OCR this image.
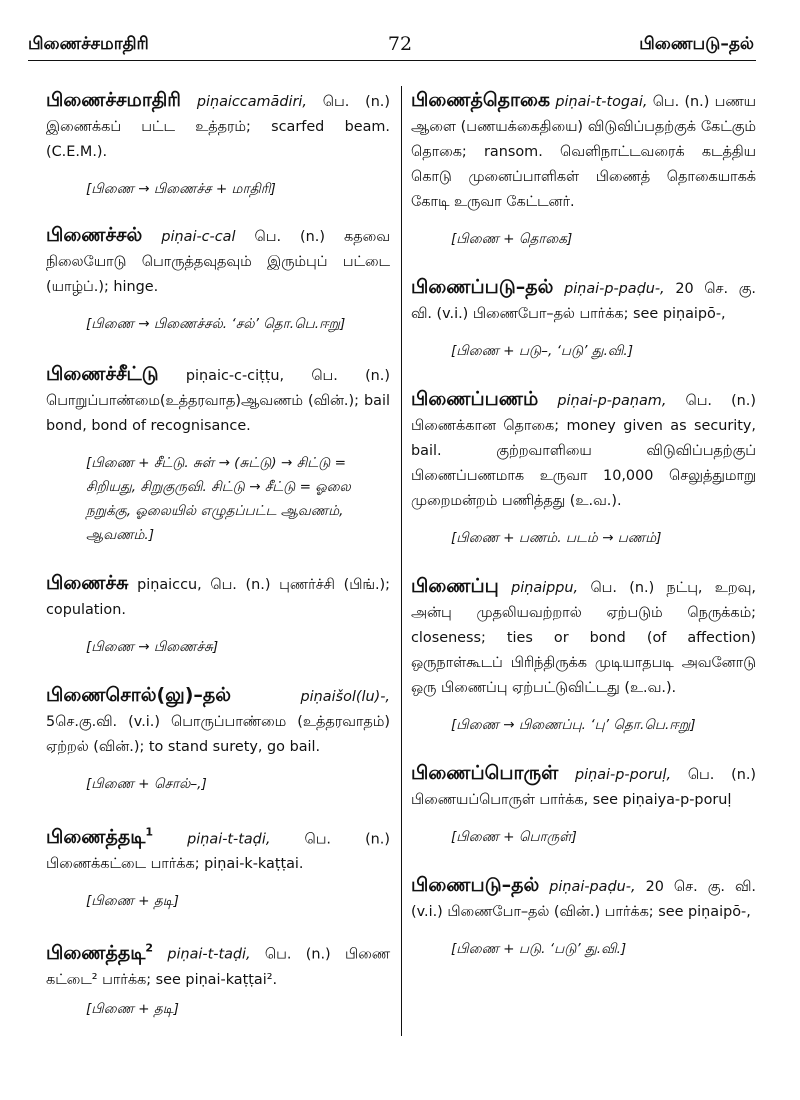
பிணைச்சமாதிரி	72	பிணைபடு–தல்
பிணைச்சமாதிரி piṇaiccamādiri, பெ. (n.) இணைக்கப் பட்ட உத்தரம்; scarfed beam. (C.E.M.).
[பிணை → பிணைச்ச + மாதிரி]
பிணைச்சல் piṇai-c-cal பெ. (n.) கதவை நிலையோடு பொருத்தவுதவும் இரும்புப் பட்டை (யாழ்ப்.); hinge.
[பிணை → பிணைச்சல். ‘சல்’ தொ.பெ.ஈறு]
பிணைச்சீட்டு piṇaic-c-ciṭṭu, பெ. (n.) பொறுப்பாண்மை(உத்தரவாத)ஆவணம் (வின்.); bail bond, bond of recognisance.
[பிணை + சீட்டு. சுள் → (சுட்டு) → சிட்டு = சிறியது, சிறுகுருவி. சிட்டு → சீட்டு = ஓலை நறுக்கு, ஓலையில் எழுதப்பட்ட ஆவணம், ஆவணம்.]
பிணைச்சு piṇaiccu, பெ. (n.) புணர்ச்சி (பிங்.); copulation.
[பிணை → பிணைச்சு]
பிணைசொல்(லு)–தல்	piṇaišol(lu)-, 5செ.கு.வி. (v.i.) பொருப்பாண்மை (உத்தரவாதம்) ஏற்றல் (வின்.); to stand surety, go bail.
[பிணை + சொல்–,]
பிணைத்தடி$^1$ piṇai-t-taḍi, பெ. (n.) பிணைக்கட்டை பார்க்க; piṇai-k-kaṭṭai.
[பிணை + தடி]
பிணைத்தடி$^2$ piṇai-t-taḍi, பெ. (n.) பிணை கட்டை² பார்க்க; see piṇai-kaṭṭai².
[பிணை + தடி]
பிணைத்தொகை piṇai-t-togai, பெ. (n.) பணய ஆளை (பணயக்கைதியை) விடுவிப்பதற்குக் கேட்கும் தொகை; ransom. வெளிநாட்டவரைக் கடத்திய கொடு முனைப்பாளிகள் பிணைத் தொகையாகக் கோடி உருவா கேட்டனர்.
[பிணை + தொகை]
பிணைப்படு–தல் piṇai-p-paḍu-, 20 செ. கு. வி. (v.i.) பிணைபோ–தல் பார்க்க; see piṇaipō-,
[பிணை + படு–, ‘படு’ து.வி.]
பிணைப்பணம் piṇai-p-paṇam, பெ. (n.) பிணைக்கான தொகை; money given as security, bail. குற்றவாளியை விடுவிப்பதற்குப் பிணைப்பணமாக உருவா 10,000 செலுத்துமாறு முறைமன்றம் பணித்தது (உ.வ.).
[பிணை + பணம். படம் → பணம்]
பிணைப்பு piṇaippu, பெ. (n.) நட்பு, உறவு, அன்பு முதலியவற்றால் ஏற்படும் நெருக்கம்; closeness; ties or bond (of affection) ஒருநாள்கூடப் பிரிந்திருக்க முடியாதபடி அவனோடு ஒரு பிணைப்பு ஏற்பட்டுவிட்டது (உ.வ.).
[பிணை → பிணைப்பு. ‘பு’ தொ.பெ.ஈறு]
பிணைப்பொருள் piṇai-p-poruḷ, பெ. (n.) பிணையப்பொருள் பார்க்க, see piṇaiya-p-poruḷ
[பிணை + பொருள்]
பிணைபடு–தல் piṇai-paḍu-, 20 செ. கு. வி. (v.i.) பிணைபோ–தல் (வின்.) பார்க்க; see piṇaipō-,
[பிணை + படு. ‘படு’ து.வி.]
